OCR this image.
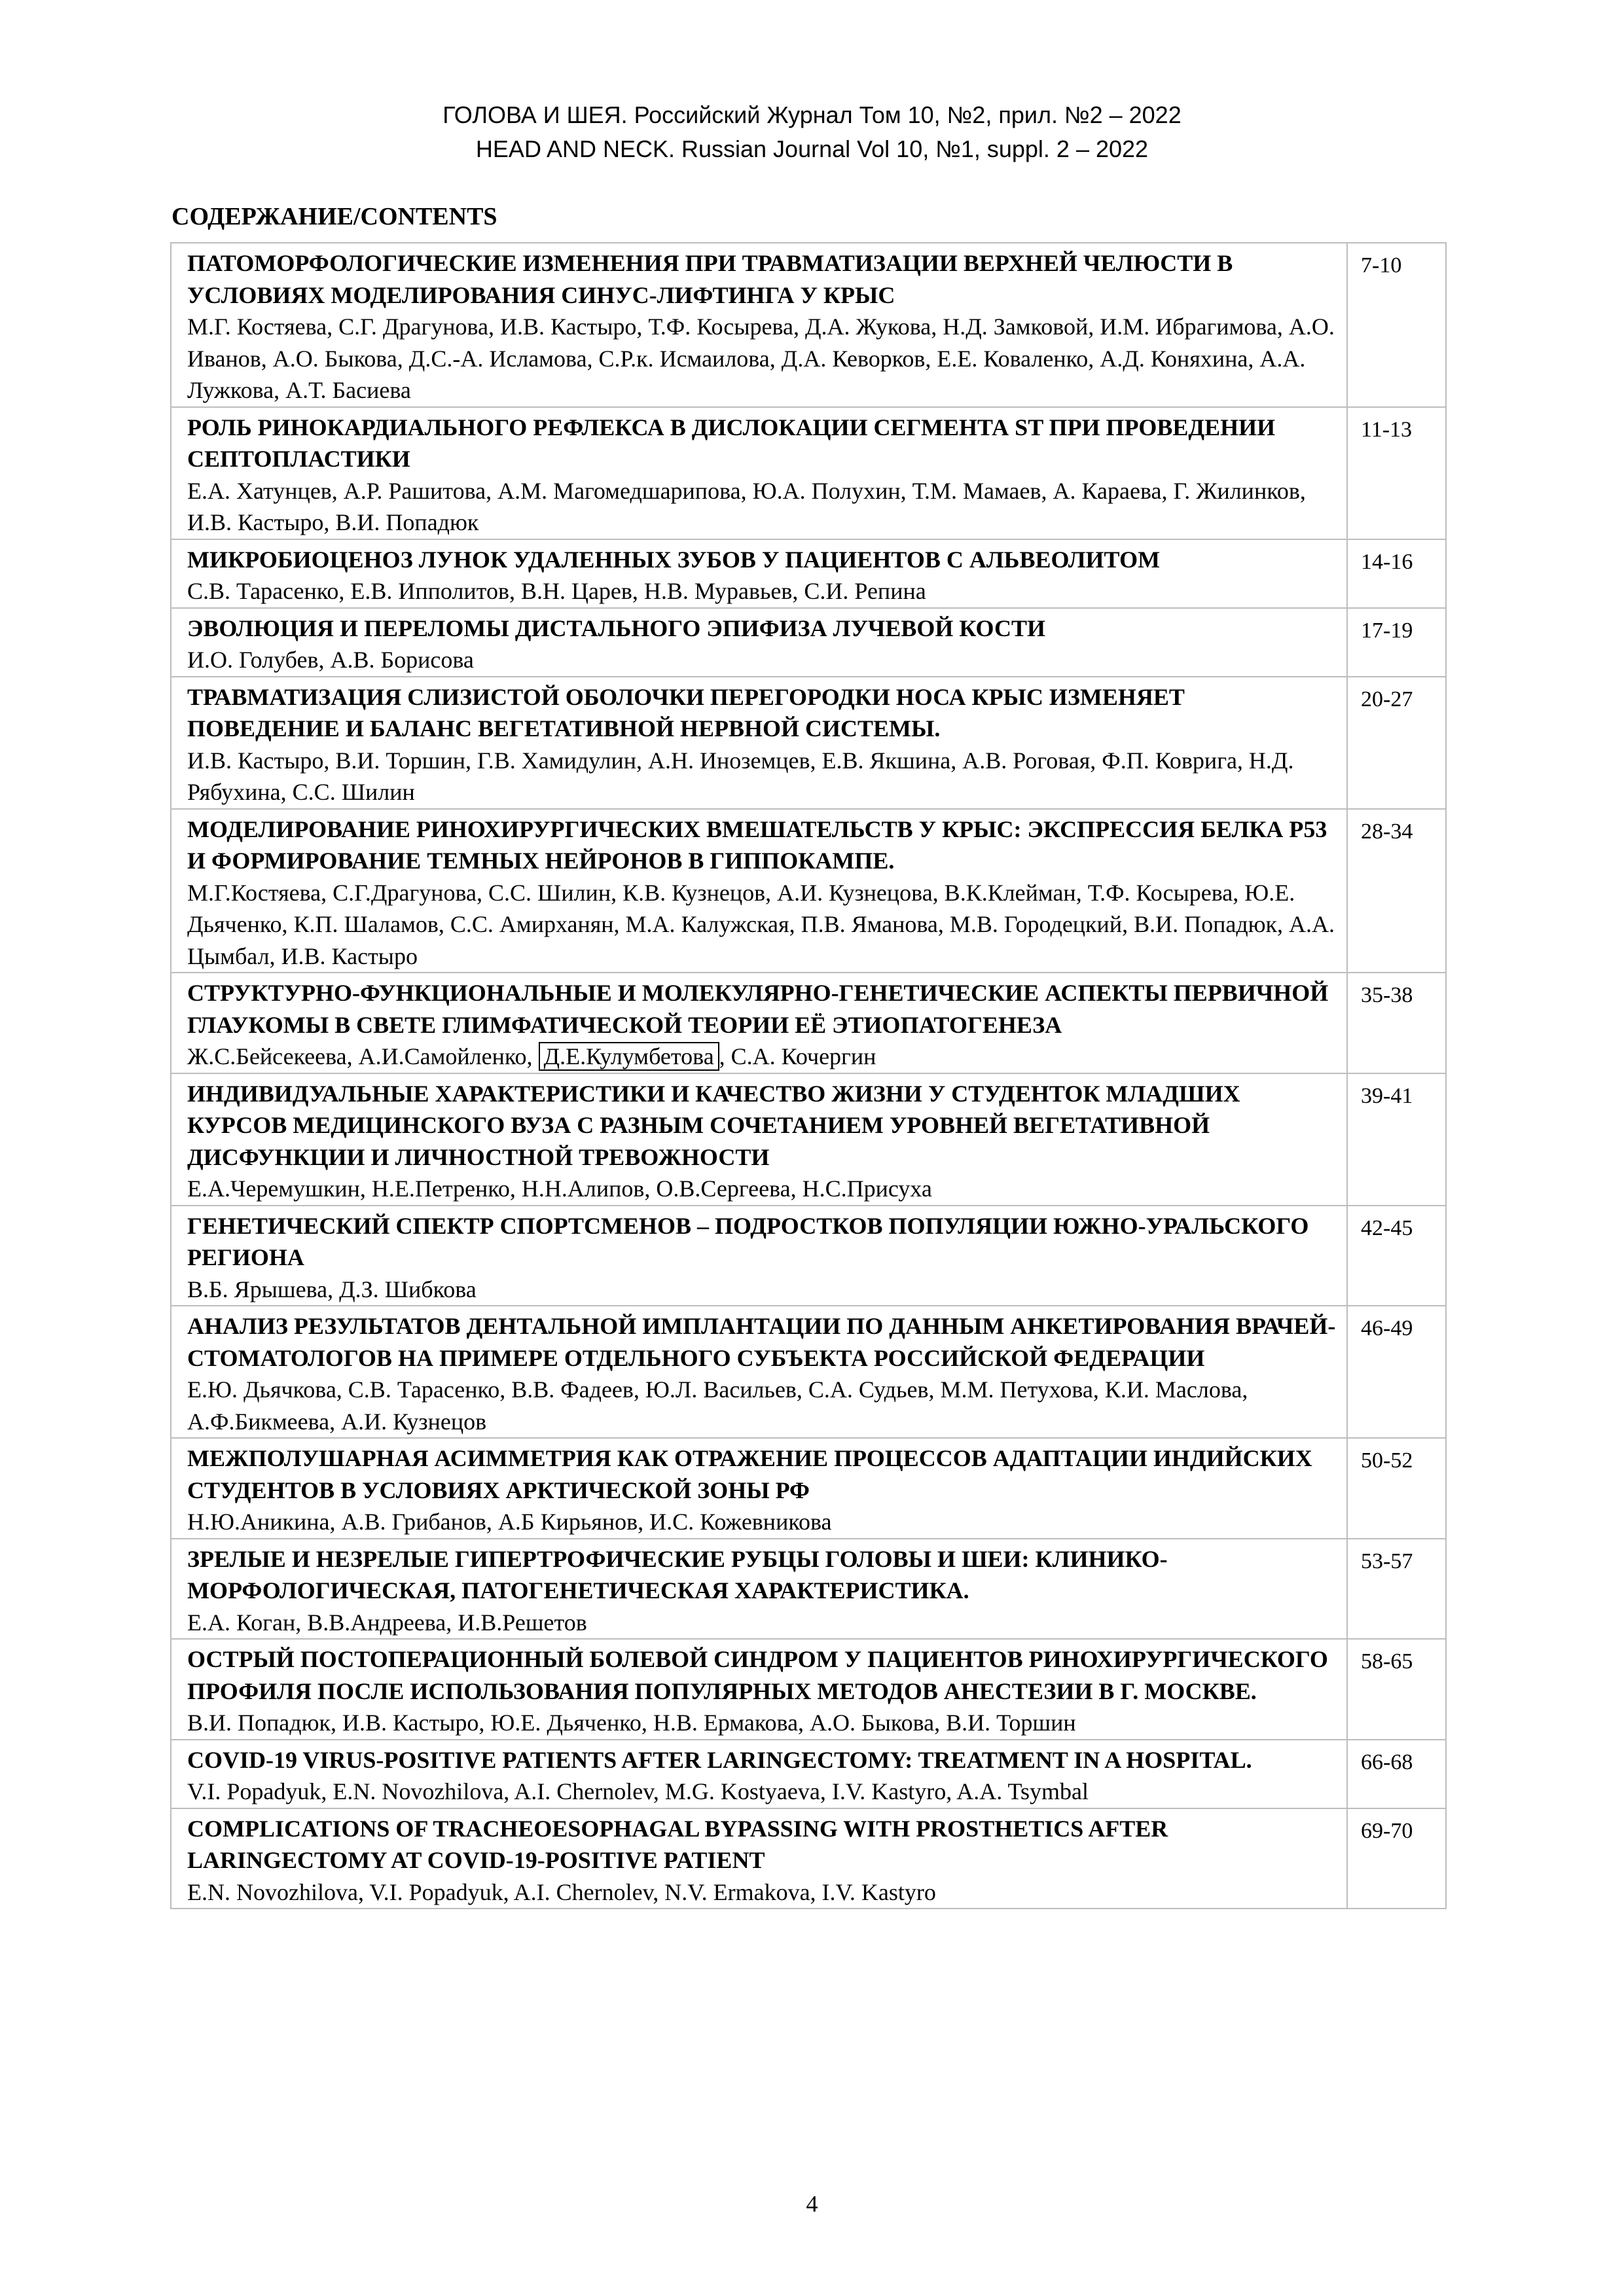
ГОЛОВА И ШЕЯ. Российский Журнал Том 10, №2, прил. №2 – 2022
HEAD AND NECK. Russian Journal Vol 10, №1, suppl. 2 – 2022
СОДЕРЖАНИЕ/CONTENTS
ПАТОМОРФОЛОГИЧЕСКИЕ ИЗМЕНЕНИЯ ПРИ ТРАВМАТИЗАЦИИ ВЕРХНЕЙ ЧЕЛЮСТИ В УСЛОВИЯХ МОДЕЛИРОВАНИЯ СИНУС-ЛИФТИНГА У КРЫС
М.Г. Костяева, С.Г. Драгунова, И.В. Кастыро, Т.Ф. Косырева, Д.А. Жукова, Н.Д. Замковой, И.М. Ибрагимова, А.О. Иванов, А.О. Быкова, Д.С.-А. Исламова, С.Р.к. Исмаилова, Д.А. Кеворков, Е.Е. Коваленко, А.Д. Коняхина, А.А. Лужкова, А.Т. Басиева	7-10

РОЛЬ РИНОКАРДИАЛЬНОГО РЕФЛЕКСА В ДИСЛОКАЦИИ СЕГМЕНТА ST ПРИ ПРОВЕДЕНИИ СЕПТОПЛАСТИКИ
Е.А. Хатунцев, А.Р. Рашитова, А.М. Магомедшарипова, Ю.А. Полухин, Т.М. Мамаев, А. Караева, Г. Жилинков, И.В. Кастыро, В.И. Попадюк	11-13

МИКРОБИОЦЕНОЗ ЛУНОК УДАЛЕННЫХ ЗУБОВ У ПАЦИЕНТОВ С АЛЬВЕОЛИТОМ
С.В. Тарасенко, Е.В. Ипполитов, В.Н. Царев, Н.В. Муравьев, С.И. Репина	14-16

ЭВОЛЮЦИЯ И ПЕРЕЛОМЫ ДИСТАЛЬНОГО ЭПИФИЗА ЛУЧЕВОЙ КОСТИ
И.О. Голубев, А.В. Борисова	17-19

ТРАВМАТИЗАЦИЯ СЛИЗИСТОЙ ОБОЛОЧКИ ПЕРЕГОРОДКИ НОСА КРЫС ИЗМЕНЯЕТ ПОВЕДЕНИЕ И БАЛАНС ВЕГЕТАТИВНОЙ НЕРВНОЙ СИСТЕМЫ.
И.В. Кастыро, В.И. Торшин, Г.В. Хамидулин, А.Н. Иноземцев, Е.В. Якшина, А.В. Роговая, Ф.П. Коврига, Н.Д. Рябухина, С.С. Шилин	20-27

МОДЕЛИРОВАНИЕ РИНОХИРУРГИЧЕСКИХ ВМЕШАТЕЛЬСТВ У КРЫС: ЭКСПРЕССИЯ БЕЛКА P53 И ФОРМИРОВАНИЕ ТЕМНЫХ НЕЙРОНОВ В ГИППОКАМПЕ.
М.Г.Костяева, С.Г.Драгунова, С.С. Шилин, К.В. Кузнецов, А.И. Кузнецова, В.К.Клейман, Т.Ф. Косырева, Ю.Е. Дьяченко, К.П. Шаламов, С.С. Амирханян, М.А. Калужская, П.В. Яманова, М.В. Городецкий, В.И. Попадюк, А.А. Цымбал, И.В. Кастыро	28-34

СТРУКТУРНО-ФУНКЦИОНАЛЬНЫЕ И МОЛЕКУЛЯРНО-ГЕНЕТИЧЕСКИЕ АСПЕКТЫ ПЕРВИЧНОЙ ГЛАУКОМЫ В СВЕТЕ ГЛИМФАТИЧЕСКОЙ ТЕОРИИ ЕЁ ЭТИОПАТОГЕНЕЗА
Ж.С.Бейсекеева, А.И.Самойленко, Д.Е.Кулумбетова , С.А. Кочергин	35-38

ИНДИВИДУАЛЬНЫЕ ХАРАКТЕРИСТИКИ И КАЧЕСТВО ЖИЗНИ У СТУДЕНТОК МЛАДШИХ КУРСОВ МЕДИЦИНСКОГО ВУЗА С РАЗНЫМ СОЧЕТАНИЕМ УРОВНЕЙ ВЕГЕТАТИВНОЙ ДИСФУНКЦИИ И ЛИЧНОСТНОЙ ТРЕВОЖНОСТИ
Е.А.Черемушкин, Н.Е.Петренко, Н.Н.Алипов, О.В.Сергеева, Н.С.Присуха	39-41

ГЕНЕТИЧЕСКИЙ СПЕКТР СПОРТСМЕНОВ – ПОДРОСТКОВ ПОПУЛЯЦИИ ЮЖНО-УРАЛЬСКОГО РЕГИОНА
В.Б. Ярышева, Д.З. Шибкова	42-45

АНАЛИЗ РЕЗУЛЬТАТОВ ДЕНТАЛЬНОЙ ИМПЛАНТАЦИИ ПО ДАННЫМ АНКЕТИРОВАНИЯ ВРАЧЕЙ-СТОМАТОЛОГОВ НА ПРИМЕРЕ ОТДЕЛЬНОГО СУБЪЕКТА РОССИЙСКОЙ ФЕДЕРАЦИИ
Е.Ю. Дьячкова, С.В. Тарасенко, В.В. Фадеев, Ю.Л. Васильев, С.А. Судьев, М.М. Петухова, К.И. Маслова, А.Ф.Бикмеева, А.И. Кузнецов	46-49

МЕЖПОЛУШАРНАЯ АСИММЕТРИЯ КАК ОТРАЖЕНИЕ ПРОЦЕССОВ АДАПТАЦИИ ИНДИЙСКИХ СТУДЕНТОВ В УСЛОВИЯХ АРКТИЧЕСКОЙ ЗОНЫ РФ
Н.Ю.Аникина, А.В. Грибанов, А.Б Кирьянов, И.С. Кожевникова	50-52

ЗРЕЛЫЕ И НЕЗРЕЛЫЕ ГИПЕРТРОФИЧЕСКИЕ РУБЦЫ ГОЛОВЫ И ШЕИ: КЛИНИКО-МОРФОЛОГИЧЕСКАЯ, ПАТОГЕНЕТИЧЕСКАЯ ХАРАКТЕРИСТИКА.
Е.А. Коган, В.В.Андреева, И.В.Решетов	53-57

ОСТРЫЙ ПОСТОПЕРАЦИОННЫЙ БОЛЕВОЙ СИНДРОМ У ПАЦИЕНТОВ РИНОХИРУРГИЧЕСКОГО ПРОФИЛЯ ПОСЛЕ ИСПОЛЬЗОВАНИЯ ПОПУЛЯРНЫХ МЕТОДОВ АНЕСТЕЗИИ В Г. МОСКВЕ.
В.И. Попадюк, И.В. Кастыро, Ю.Е. Дьяченко, Н.В. Ермакова, А.О. Быкова, В.И. Торшин	58-65

COVID-19 VIRUS-POSITIVE PATIENTS AFTER LARINGECTOMY: TREATMENT IN A HOSPITAL.
V.I. Popadyuk, E.N. Novozhilova, A.I. Chernolev, M.G. Kostyaeva, I.V. Kastyro, A.A. Tsymbal	66-68

COMPLICATIONS OF TRACHEOESOPHAGAL BYPASSING WITH PROSTHETICS AFTER LARINGECTOMY AT COVID-19-POSITIVE PATIENT
E.N. Novozhilova, V.I. Popadyuk, A.I. Chernolev, N.V. Ermakova, I.V. Kastyro	69-70
4
